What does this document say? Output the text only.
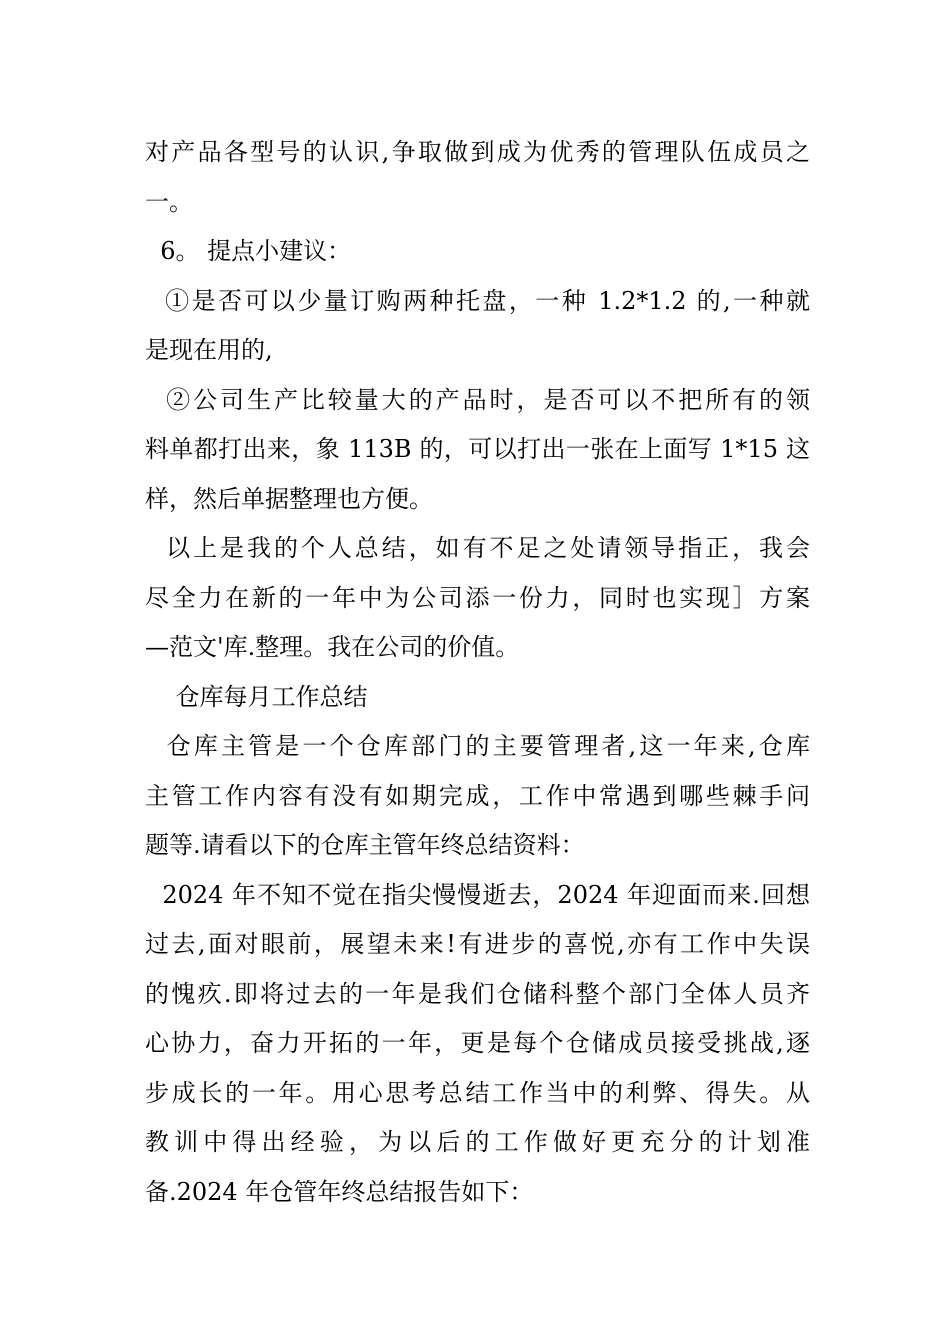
对产品各型号的认识,争取做到成为优秀的管理队伍成员之
一。
6。 提点小建议：
①是否可以少量订购两种托盘，一种 1.2*1.2 的,一种就
是现在用的,
②公司生产比较量大的产品时，是否可以不把所有的领
料单都打出来，象 113B 的，可以打出一张在上面写 1*15 这
样，然后单据整理也方便。
以上是我的个人总结，如有不足之处请领导指正，我会
尽全力在新的一年中为公司添一份力，同时也实现］方案
—范文'库.整理。我在公司的价值。
仓库每月工作总结
仓库主管是一个仓库部门的主要管理者,这一年来,仓库
主管工作内容有没有如期完成，工作中常遇到哪些棘手问
题等.请看以下的仓库主管年终总结资料：
2024 年不知不觉在指尖慢慢逝去，2024 年迎面而来.回想
过去,面对眼前，展望未来!有进步的喜悦,亦有工作中失误
的愧疚.即将过去的一年是我们仓储科整个部门全体人员齐
心协力，奋力开拓的一年，更是每个仓储成员接受挑战,逐
步成长的一年。用心思考总结工作当中的利弊、得失。从
教训中得出经验，为以后的工作做好更充分的计划准
备.2024 年仓管年终总结报告如下：
